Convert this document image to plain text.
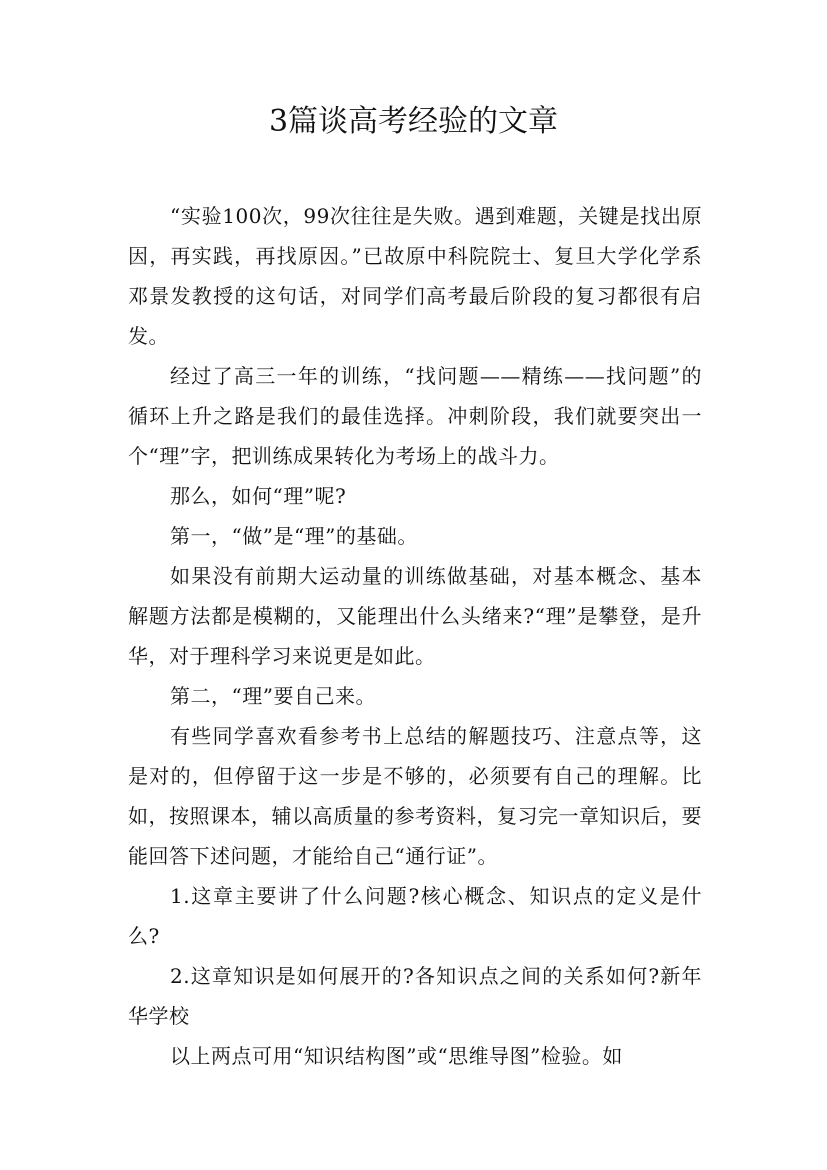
3篇谈高考经验的文章

“实验100次，99次往往是失败。遇到难题，关键是找出原因，再实践，再找原因。”已故原中科院院士、复旦大学化学系邓景发教授的这句话，对同学们高考最后阶段的复习都很有启发。

经过了高三一年的训练，“找问题——精练——找问题”的循环上升之路是我们的最佳选择。冲刺阶段，我们就要突出一个“理”字，把训练成果转化为考场上的战斗力。

那么，如何“理”呢?

第一，“做”是“理”的基础。

如果没有前期大运动量的训练做基础，对基本概念、基本解题方法都是模糊的，又能理出什么头绪来?“理”是攀登，是升华，对于理科学习来说更是如此。

第二，“理”要自己来。

有些同学喜欢看参考书上总结的解题技巧、注意点等，这是对的，但停留于这一步是不够的，必须要有自己的理解。比如，按照课本，辅以高质量的参考资料，复习完一章知识后，要能回答下述问题，才能给自己“通行证”。

1.这章主要讲了什么问题?核心概念、知识点的定义是什么?

2.这章知识是如何展开的?各知识点之间的关系如何?新年华学校

以上两点可用“知识结构图”或“思维导图”检验。如
